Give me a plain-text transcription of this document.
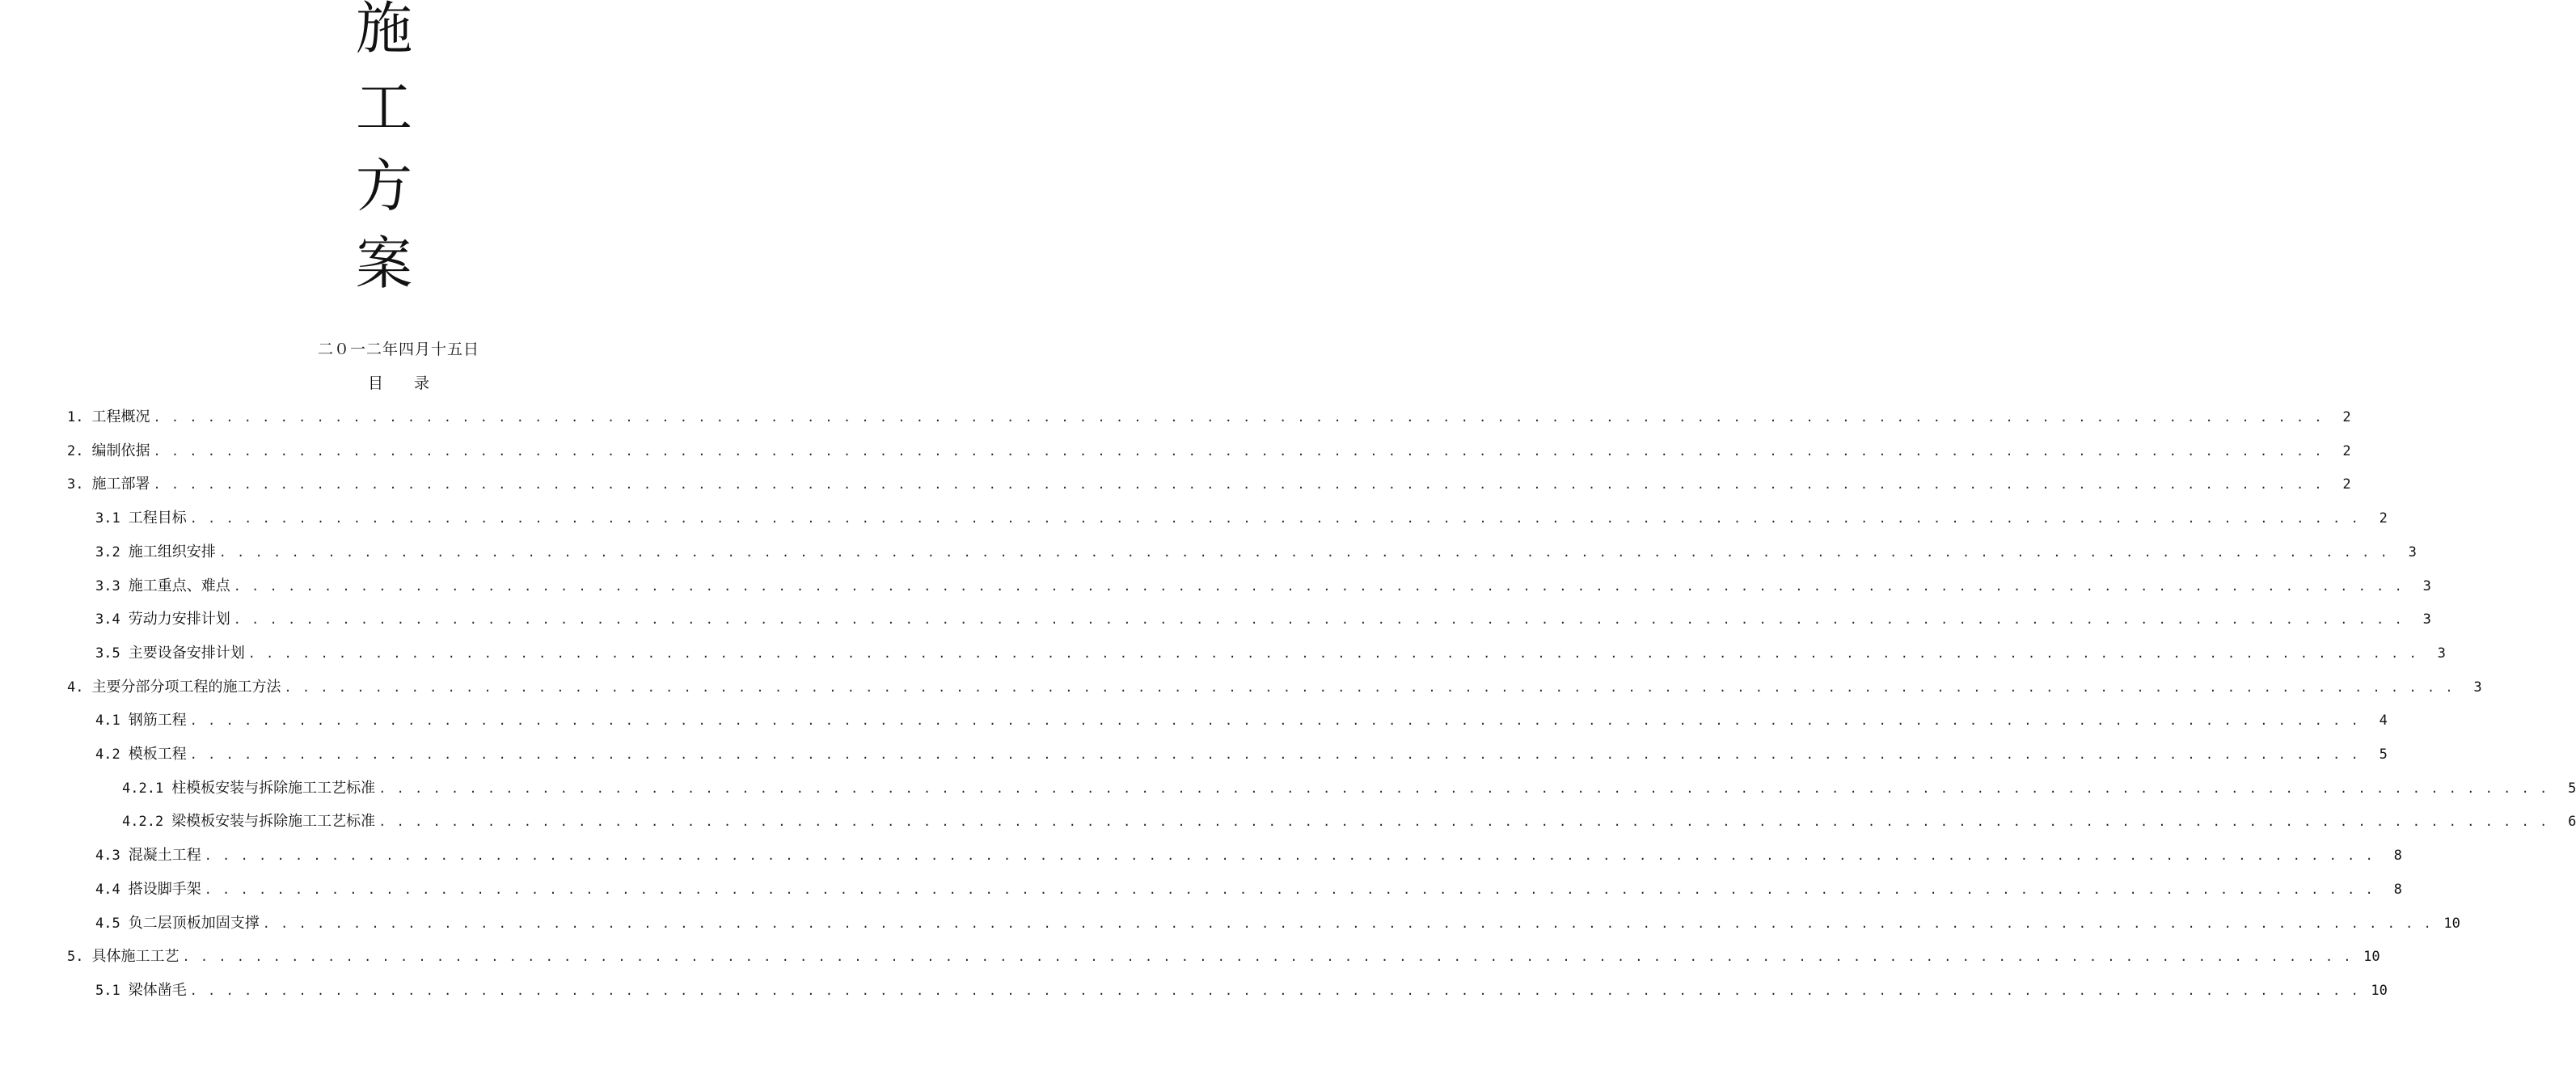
施
工
方
案
二０一二年四月十五日
目 录
1. 工程概况 . . . . . . . . . . . . . . . . . . . . . . . . . . . . . . . . . . . . . . . . . . . . . . . . . . . . . . . . . . . . . . . . . . . . . . . . . . . . . . . . . . . . . . . . . . . . . . . . . . . . . . . . . . . . . . . . . . . . . . . .	2
2. 编制依据 . . . . . . . . . . . . . . . . . . . . . . . . . . . . . . . . . . . . . . . . . . . . . . . . . . . . . . . . . . . . . . . . . . . . . . . . . . . . . . . . . . . . . . . . . . . . . . . . . . . . . . . . . . . . . . . . . . . . . . . .	2
3. 施工部署 . . . . . . . . . . . . . . . . . . . . . . . . . . . . . . . . . . . . . . . . . . . . . . . . . . . . . . . . . . . . . . . . . . . . . . . . . . . . . . . . . . . . . . . . . . . . . . . . . . . . . . . . . . . . . . . . . . . . . . . .	2
3.1 工程目标 . . . . . . . . . . . . . . . . . . . . . . . . . . . . . . . . . . . . . . . . . . . . . . . . . . . . . . . . . . . . . . . . . . . . . . . . . . . . . . . . . . . . . . . . . . . . . . . . . . . . . . . . . . . . . . . . . . . . . . . .	2
3.2 施工组织安排 . . . . . . . . . . . . . . . . . . . . . . . . . . . . . . . . . . . . . . . . . . . . . . . . . . . . . . . . . . . . . . . . . . . . . . . . . . . . . . . . . . . . . . . . . . . . . . . . . . . . . . . . . . . . . . . . . . . . . . . .	3
3.3 施工重点、难点 . . . . . . . . . . . . . . . . . . . . . . . . . . . . . . . . . . . . . . . . . . . . . . . . . . . . . . . . . . . . . . . . . . . . . . . . . . . . . . . . . . . . . . . . . . . . . . . . . . . . . . . . . . . . . . . . . . . . . . . .	3
3.4 劳动力安排计划 . . . . . . . . . . . . . . . . . . . . . . . . . . . . . . . . . . . . . . . . . . . . . . . . . . . . . . . . . . . . . . . . . . . . . . . . . . . . . . . . . . . . . . . . . . . . . . . . . . . . . . . . . . . . . . . . . . . . . . . .	3
3.5 主要设备安排计划 . . . . . . . . . . . . . . . . . . . . . . . . . . . . . . . . . . . . . . . . . . . . . . . . . . . . . . . . . . . . . . . . . . . . . . . . . . . . . . . . . . . . . . . . . . . . . . . . . . . . . . . . . . . . . . . . . . . . . . . .	3
4. 主要分部分项工程的施工方法 . . . . . . . . . . . . . . . . . . . . . . . . . . . . . . . . . . . . . . . . . . . . . . . . . . . . . . . . . . . . . . . . . . . . . . . . . . . . . . . . . . . . . . . . . . . . . . . . . . . . . . . . . . . . . . . . . . . . . . . .	3
4.1 钢筋工程 . . . . . . . . . . . . . . . . . . . . . . . . . . . . . . . . . . . . . . . . . . . . . . . . . . . . . . . . . . . . . . . . . . . . . . . . . . . . . . . . . . . . . . . . . . . . . . . . . . . . . . . . . . . . . . . . . . . . . . . .	4
4.2 模板工程 . . . . . . . . . . . . . . . . . . . . . . . . . . . . . . . . . . . . . . . . . . . . . . . . . . . . . . . . . . . . . . . . . . . . . . . . . . . . . . . . . . . . . . . . . . . . . . . . . . . . . . . . . . . . . . . . . . . . . . . .	5
4.2.1 柱模板安装与拆除施工工艺标准 . . . . . . . . . . . . . . . . . . . . . . . . . . . . . . . . . . . . . . . . . . . . . . . . . . . . . . . . . . . . . . . . . . . . . . . . . . . . . . . . . . . . . . . . . . . . . . . . . . . . . . . . . . . . . . . . . . . . . . . .	5
4.2.2 梁模板安装与拆除施工工艺标准 . . . . . . . . . . . . . . . . . . . . . . . . . . . . . . . . . . . . . . . . . . . . . . . . . . . . . . . . . . . . . . . . . . . . . . . . . . . . . . . . . . . . . . . . . . . . . . . . . . . . . . . . . . . . . . . . . . . . . . . .	6
4.3 混凝土工程 . . . . . . . . . . . . . . . . . . . . . . . . . . . . . . . . . . . . . . . . . . . . . . . . . . . . . . . . . . . . . . . . . . . . . . . . . . . . . . . . . . . . . . . . . . . . . . . . . . . . . . . . . . . . . . . . . . . . . . . .	8
4.4 搭设脚手架 . . . . . . . . . . . . . . . . . . . . . . . . . . . . . . . . . . . . . . . . . . . . . . . . . . . . . . . . . . . . . . . . . . . . . . . . . . . . . . . . . . . . . . . . . . . . . . . . . . . . . . . . . . . . . . . . . . . . . . . .	8
4.5 负二层顶板加固支撑 . . . . . . . . . . . . . . . . . . . . . . . . . . . . . . . . . . . . . . . . . . . . . . . . . . . . . . . . . . . . . . . . . . . . . . . . . . . . . . . . . . . . . . . . . . . . . . . . . . . . . . . . . . . . . . . . . . . . . . . . 10
5. 具体施工工艺 . . . . . . . . . . . . . . . . . . . . . . . . . . . . . . . . . . . . . . . . . . . . . . . . . . . . . . . . . . . . . . . . . . . . . . . . . . . . . . . . . . . . . . . . . . . . . . . . . . . . . . . . . . . . . . . . . . . . . . . . 10
5.1 梁体凿毛 . . . . . . . . . . . . . . . . . . . . . . . . . . . . . . . . . . . . . . . . . . . . . . . . . . . . . . . . . . . . . . . . . . . . . . . . . . . . . . . . . . . . . . . . . . . . . . . . . . . . . . . . . . . . . . . . . . . . . . . . 10
